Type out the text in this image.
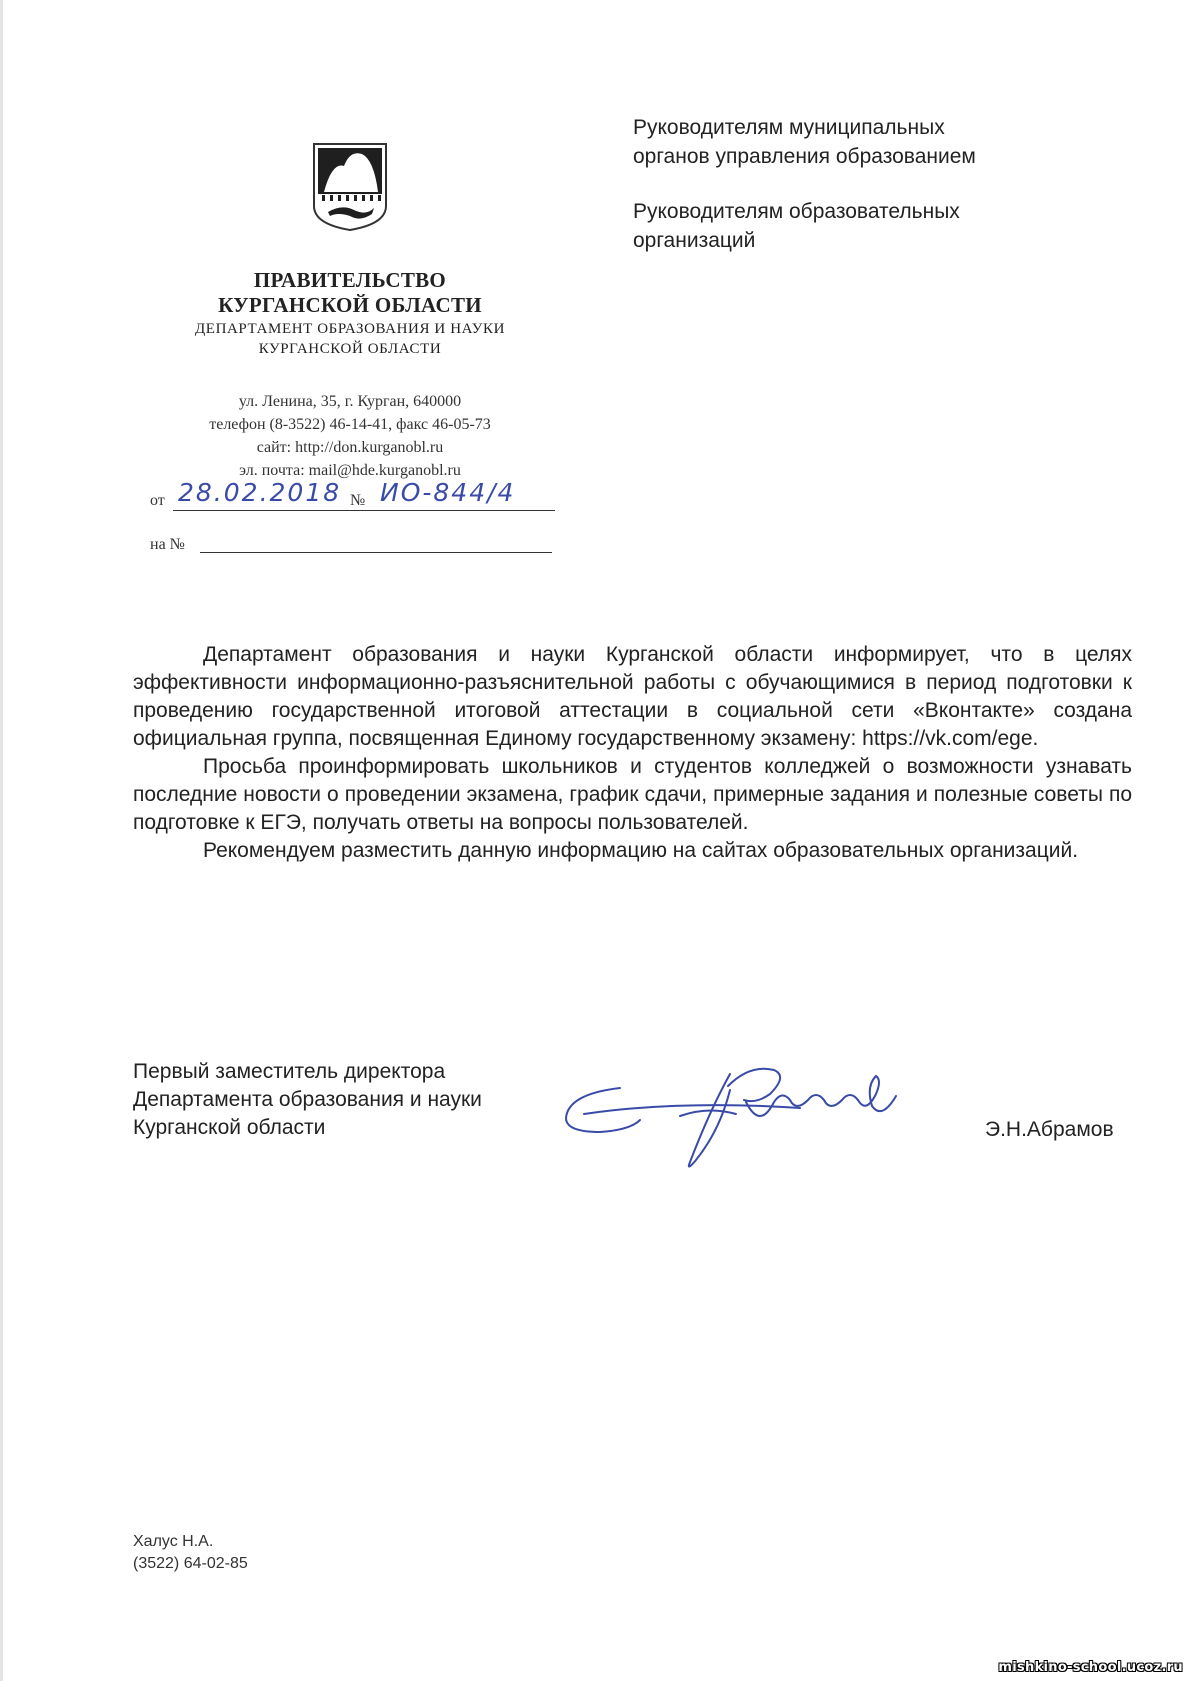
Руководителям муниципальных
органов управления образованием
Руководителям образовательных
организаций
ПРАВИТЕЛЬСТВО
КУРГАНСКОЙ ОБЛАСТИ
ДЕПАРТАМЕНТ ОБРАЗОВАНИЯ И НАУКИ
КУРГАНСКОЙ ОБЛАСТИ
ул. Ленина, 35, г. Курган, 640000
телефон (8-3522) 46-14-41, факс 46-05-73
сайт: http://don.kurganobl.ru
эл. почта: mail@hde.kurganobl.ru
от 28.02.2018 № ИО-844/4
на №

Департамент образования и науки Курганской области информирует, что в целях эффективности информационно-разъяснительной работы с обучающимися в период подготовки к проведению государственной итоговой аттестации в социальной сети «Вконтакте» создана официальная группа, посвященная Единому государственному экзамену: https://vk.com/ege.

Просьба проинформировать школьников и студентов колледжей о возможности узнавать последние новости о проведении экзамена, график сдачи, примерные задания и полезные советы по подготовке к ЕГЭ, получать ответы на вопросы пользователей.

Рекомендуем разместить данную информацию на сайтах образовательных организаций.

Первый заместитель директора
Департамента образования и науки
Курганской области	Э.Н.Абрамов
Халус Н.А.
(3522) 64-02-85
mishkino-school.ucoz.ru
